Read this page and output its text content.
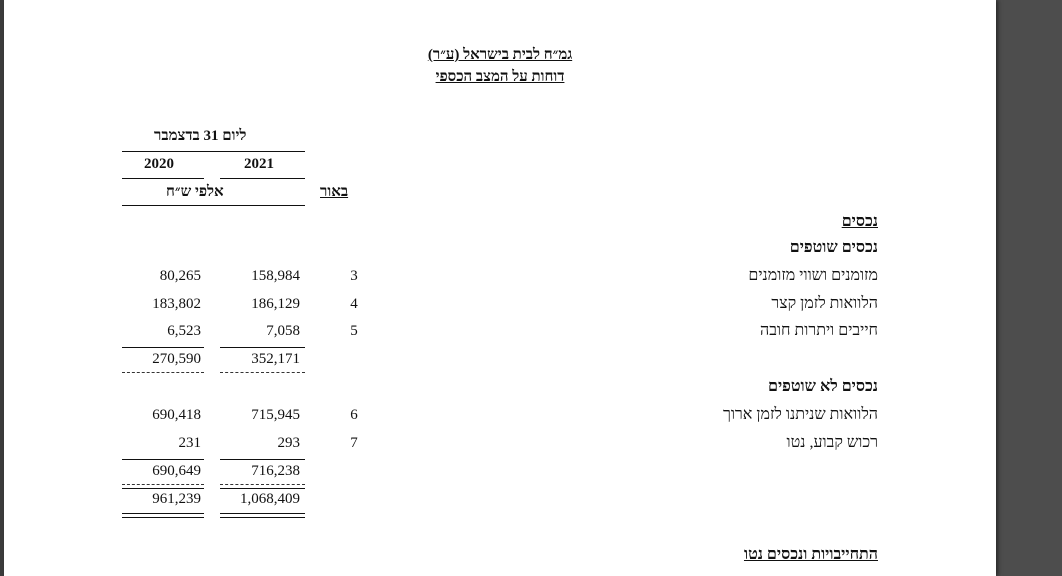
גמ״ח לבית בישראל (ע״ר)
דוחות על המצב הכספי
ליום 31 בדצמבר
2020	2021
אלפי ש״ח	באור
נכסים
נכסים שוטפים
מזומנים ושווי מזומנים
3
158,984
80,265
הלוואות לזמן קצר
4
186,129
183,802
חייבים ויתרות חובה
5
7,058
6,523
352,171
270,590
נכסים לא שוטפים
הלוואות שניתנו לזמן ארוך
6
715,945
690,418
רכוש קבוע, נטו
7
293
231
716,238
690,649
1,068,409
961,239
התחייבויות ונכסים נטו
